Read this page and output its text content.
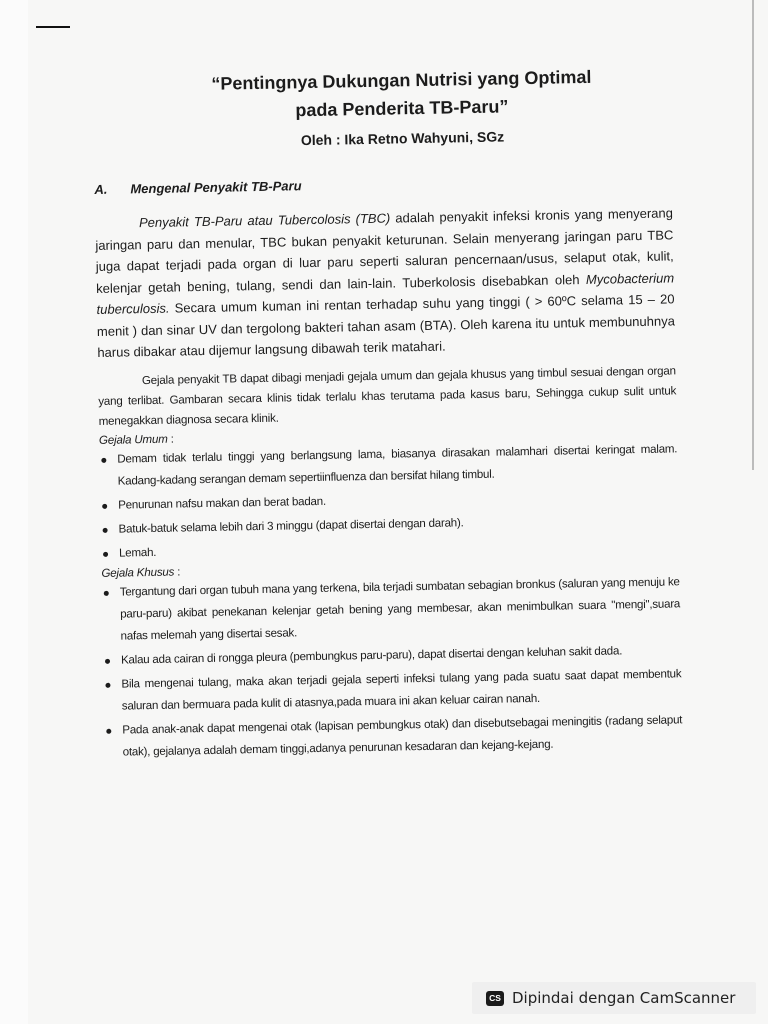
“Pentingnya Dukungan Nutrisi yang Optimal
pada Penderita TB-Paru”
Oleh : Ika Retno Wahyuni, SGz
A.	Mengenal Penyakit TB-Paru

Penyakit TB-Paru atau Tubercolosis (TBC) adalah penyakit infeksi kronis yang menyerang jaringan paru dan menular, TBC bukan penyakit keturunan. Selain menyerang jaringan paru TBC juga dapat terjadi pada organ di luar paru seperti saluran pencernaan/usus, selaput otak, kulit, kelenjar getah bening, tulang, sendi dan lain-lain. Tuberkolosis disebabkan oleh Mycobacterium tuberculosis. Secara umum kuman ini rentan terhadap suhu yang tinggi ( > 60ºC selama 15 – 20 menit ) dan sinar UV dan tergolong bakteri tahan asam (BTA). Oleh karena itu untuk membunuhnya harus dibakar atau dijemur langsung dibawah terik matahari.

Gejala penyakit TB dapat dibagi menjadi gejala umum dan gejala khusus yang timbul sesuai dengan organ yang terlibat. Gambaran secara klinis tidak terlalu khas terutama pada kasus baru, Sehingga cukup sulit untuk menegakkan diagnosa secara klinik.

Gejala Umum :
Demam tidak terlalu tinggi yang berlangsung lama, biasanya dirasakan malamhari disertai keringat malam. Kadang-kadang serangan demam sepertiinfluenza dan bersifat hilang timbul.
Penurunan nafsu makan dan berat badan.
Batuk-batuk selama lebih dari 3 minggu (dapat disertai dengan darah).
Lemah.
Gejala Khusus :
Tergantung dari organ tubuh mana yang terkena, bila terjadi sumbatan sebagian bronkus (saluran yang menuju ke paru-paru) akibat penekanan kelenjar getah bening yang membesar, akan menimbulkan suara "mengi",suara nafas melemah yang disertai sesak.
Kalau ada cairan di rongga pleura (pembungkus paru-paru), dapat disertai dengan keluhan sakit dada.
Bila mengenai tulang, maka akan terjadi gejala seperti infeksi tulang yang pada suatu saat dapat membentuk saluran dan bermuara pada kulit di atasnya,pada muara ini akan keluar cairan nanah.
Pada anak-anak dapat mengenai otak (lapisan pembungkus otak) dan disebutsebagai meningitis (radang selaput otak), gejalanya adalah demam tinggi,adanya penurunan kesadaran dan kejang-kejang.
CS Dipindai dengan CamScanner
